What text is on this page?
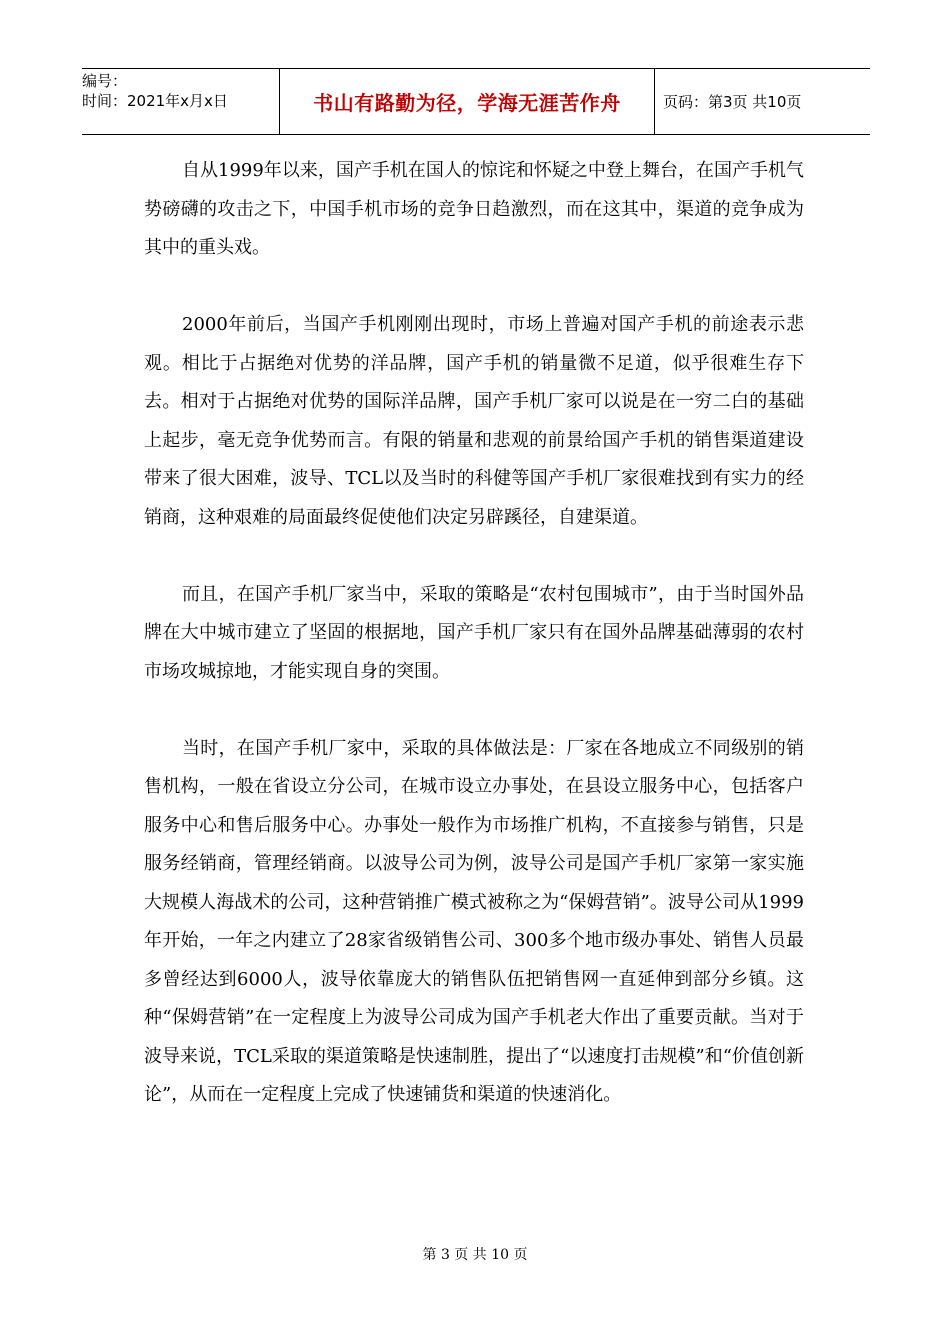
编号：
时间：2021年x月x日	书山有路勤为径，学海无涯苦作舟	页码：第3页 共10页

自从1999年以来，国产手机在国人的惊诧和怀疑之中登上舞台，在国产手机气势磅礴的攻击之下，中国手机市场的竞争日趋激烈，而在这其中，渠道的竞争成为其中的重头戏。

2000年前后，当国产手机刚刚出现时，市场上普遍对国产手机的前途表示悲观。相比于占据绝对优势的洋品牌，国产手机的销量微不足道，似乎很难生存下去。相对于占据绝对优势的国际洋品牌，国产手机厂家可以说是在一穷二白的基础上起步，毫无竞争优势而言。有限的销量和悲观的前景给国产手机的销售渠道建设带来了很大困难，波导、TCL以及当时的科健等国产手机厂家很难找到有实力的经销商，这种艰难的局面最终促使他们决定另辟蹊径，自建渠道。

而且，在国产手机厂家当中，采取的策略是“农村包围城市”，由于当时国外品牌在大中城市建立了坚固的根据地，国产手机厂家只有在国外品牌基础薄弱的农村市场攻城掠地，才能实现自身的突围。

当时，在国产手机厂家中，采取的具体做法是：厂家在各地成立不同级别的销售机构，一般在省设立分公司，在城市设立办事处，在县设立服务中心，包括客户服务中心和售后服务中心。办事处一般作为市场推广机构，不直接参与销售，只是服务经销商，管理经销商。以波导公司为例，波导公司是国产手机厂家第一家实施大规模人海战术的公司，这种营销推广模式被称之为“保姆营销”。波导公司从1999年开始，一年之内建立了28家省级销售公司、300多个地市级办事处、销售人员最多曾经达到6000人，波导依靠庞大的销售队伍把销售网一直延伸到部分乡镇。这种“保姆营销”在一定程度上为波导公司成为国产手机老大作出了重要贡献。当对于波导来说，TCL采取的渠道策略是快速制胜，提出了“以速度打击规模”和“价值创新论”，从而在一定程度上完成了快速铺货和渠道的快速消化。

第 3 页 共 10 页
